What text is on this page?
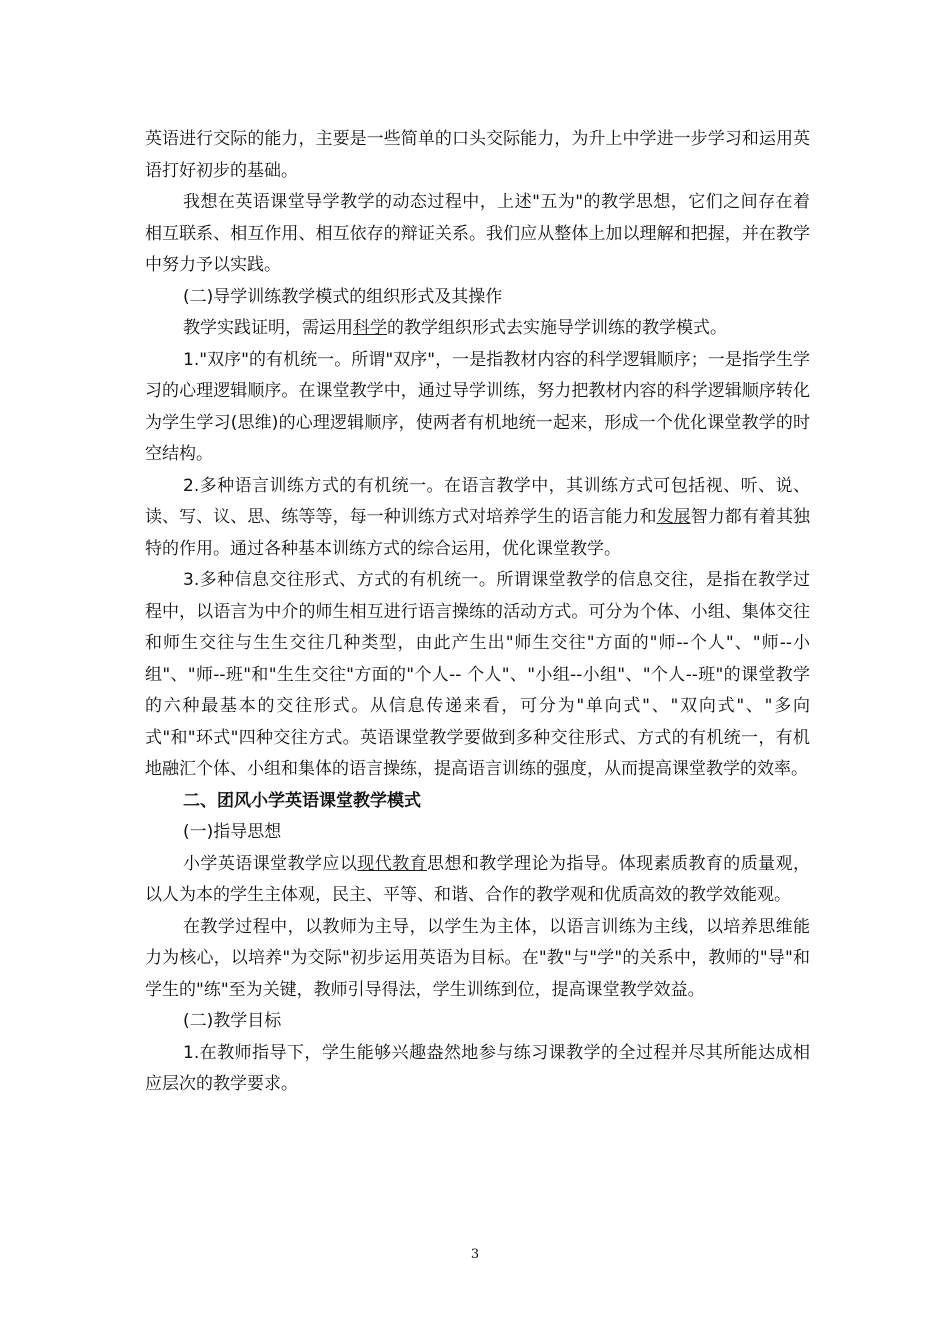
英语进行交际的能力，主要是一些简单的口头交际能力，为升上中学进一步学习和运用英语打好初步的基础。

我想在英语课堂导学教学的动态过程中，上述"五为"的教学思想，它们之间存在着相互联系、相互作用、相互依存的辩证关系。我们应从整体上加以理解和把握，并在教学中努力予以实践。

(二)导学训练教学模式的组织形式及其操作

教学实践证明，需运用科学的教学组织形式去实施导学训练的教学模式。

1."双序"的有机统一。所谓"双序"，一是指教材内容的科学逻辑顺序；一是指学生学习的心理逻辑顺序。在课堂教学中，通过导学训练，努力把教材内容的科学逻辑顺序转化为学生学习(思维)的心理逻辑顺序，使两者有机地统一起来，形成一个优化课堂教学的时空结构。

2.多种语言训练方式的有机统一。在语言教学中，其训练方式可包括视、听、说、读、写、议、思、练等等，每一种训练方式对培养学生的语言能力和发展智力都有着其独特的作用。通过各种基本训练方式的综合运用，优化课堂教学。

3.多种信息交往形式、方式的有机统一。所谓课堂教学的信息交往，是指在教学过程中，以语言为中介的师生相互进行语言操练的活动方式。可分为个体、小组、集体交往和师生交往与生生交往几种类型，由此产生出"师生交往"方面的"师--个人"、"师--小组"、"师--班"和"生生交往"方面的"个人-- 个人"、"小组--小组"、"个人--班"的课堂教学的六种最基本的交往形式。从信息传递来看，可分为"单向式"、"双向式"、"多向式"和"环式"四种交往方式。英语课堂教学要做到多种交往形式、方式的有机统一，有机地融汇个体、小组和集体的语言操练，提高语言训练的强度，从而提高课堂教学的效率。

二、团风小学英语课堂教学模式

(一)指导思想

小学英语课堂教学应以现代教育思想和教学理论为指导。体现素质教育的质量观，以人为本的学生主体观，民主、平等、和谐、合作的教学观和优质高效的教学效能观。

在教学过程中，以教师为主导，以学生为主体，以语言训练为主线，以培养思维能力为核心，以培养"为交际"初步运用英语为目标。在"教"与"学"的关系中，教师的"导"和学生的"练"至为关键，教师引导得法，学生训练到位，提高课堂教学效益。

(二)教学目标

1.在教师指导下，学生能够兴趣盎然地参与练习课教学的全过程并尽其所能达成相应层次的教学要求。

3
